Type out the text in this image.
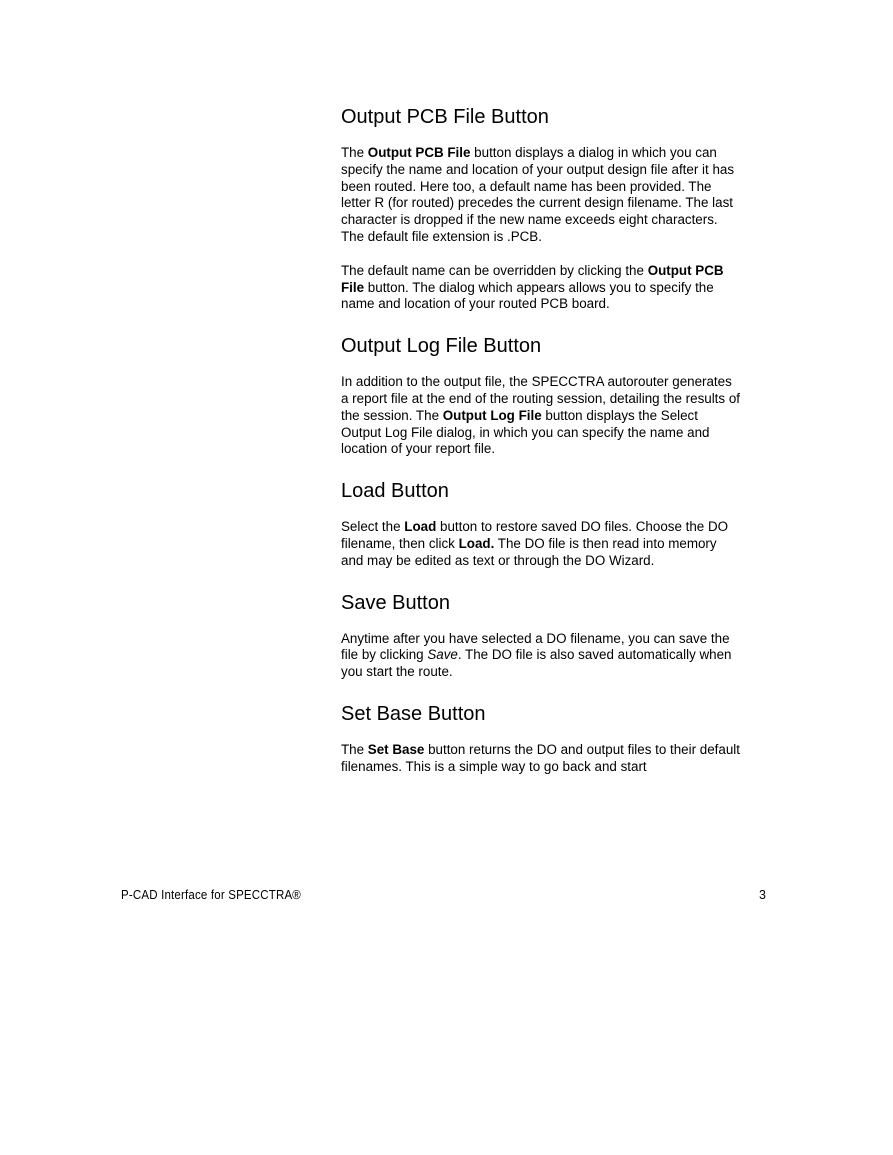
Output PCB File Button

The Output PCB File button displays a dialog in which you can specify the name and location of your output design file after it has been routed. Here too, a default name has been provided. The letter R (for routed) precedes the current design filename. The last character is dropped if the new name exceeds eight characters. The default file extension is .PCB.

The default name can be overridden by clicking the Output PCB File button. The dialog which appears allows you to specify the name and location of your routed PCB board.

Output Log File Button

In addition to the output file, the SPECCTRA autorouter generates a report file at the end of the routing session, detailing the results of the session. The Output Log File button displays the Select Output Log File dialog, in which you can specify the name and location of your report file.

Load Button

Select the Load button to restore saved DO files. Choose the DO filename, then click Load. The DO file is then read into memory and may be edited as text or through the DO Wizard.

Save Button

Anytime after you have selected a DO filename, you can save the file by clicking Save. The DO file is also saved automatically when you start the route.

Set Base Button

The Set Base button returns the DO and output files to their default filenames. This is a simple way to go back and start

P-CAD Interface for SPECCTRA®	3
